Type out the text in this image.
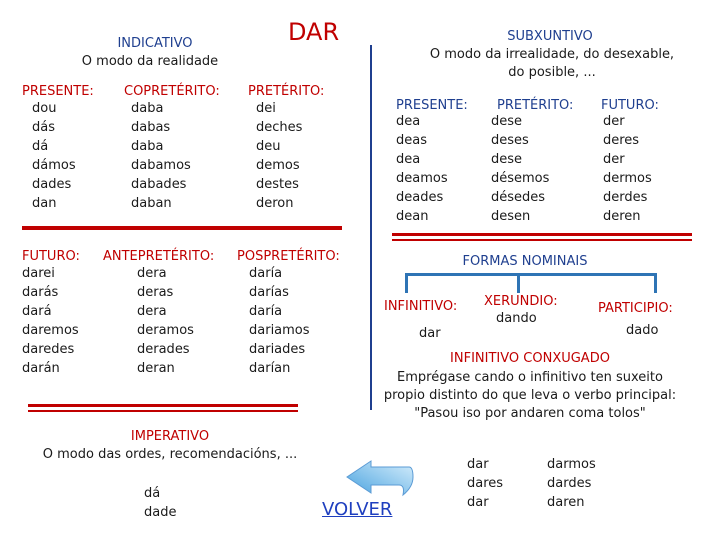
DAR
INDICATIVO
O modo da realidade
SUBXUNTIVO
O modo da irrealidade, do desexable,
do posible, ...
PRESENTE:
dou
dás
dá
dámos
dades
dan
COPRETÉRITO:
daba
dabas
daba
dabamos
dabades
daban
PRETÉRITO:
dei
deches
deu
demos
destes
deron
FUTURO:
darei
darás
dará
daremos
daredes
darán
ANTEPRETÉRITO:
dera
deras
dera
deramos
derades
deran
POSPRETÉRITO:
daría
darías
daría
dariamos
dariades
darían
IMPERATIVO
O modo das ordes, recomendacións, ...
dá
dade
PRESENTE:
dea
deas
dea
deamos
deades
dean
PRETÉRITO:
dese
deses
dese
désemos
désedes
desen
FUTURO:
der
deres
der
dermos
derdes
deren
FORMAS NOMINAIS
INFINITIVO:
dar
XERUNDIO:
dando
PARTICIPIO:
dado
INFINITIVO CONXUGADO
Emprégase cando o infinitivo ten suxeito
propio distinto do que leva o verbo principal:
"Pasou iso por andaren coma tolos"
dar
dares
dar
darmos
dardes
daren
VOLVER
